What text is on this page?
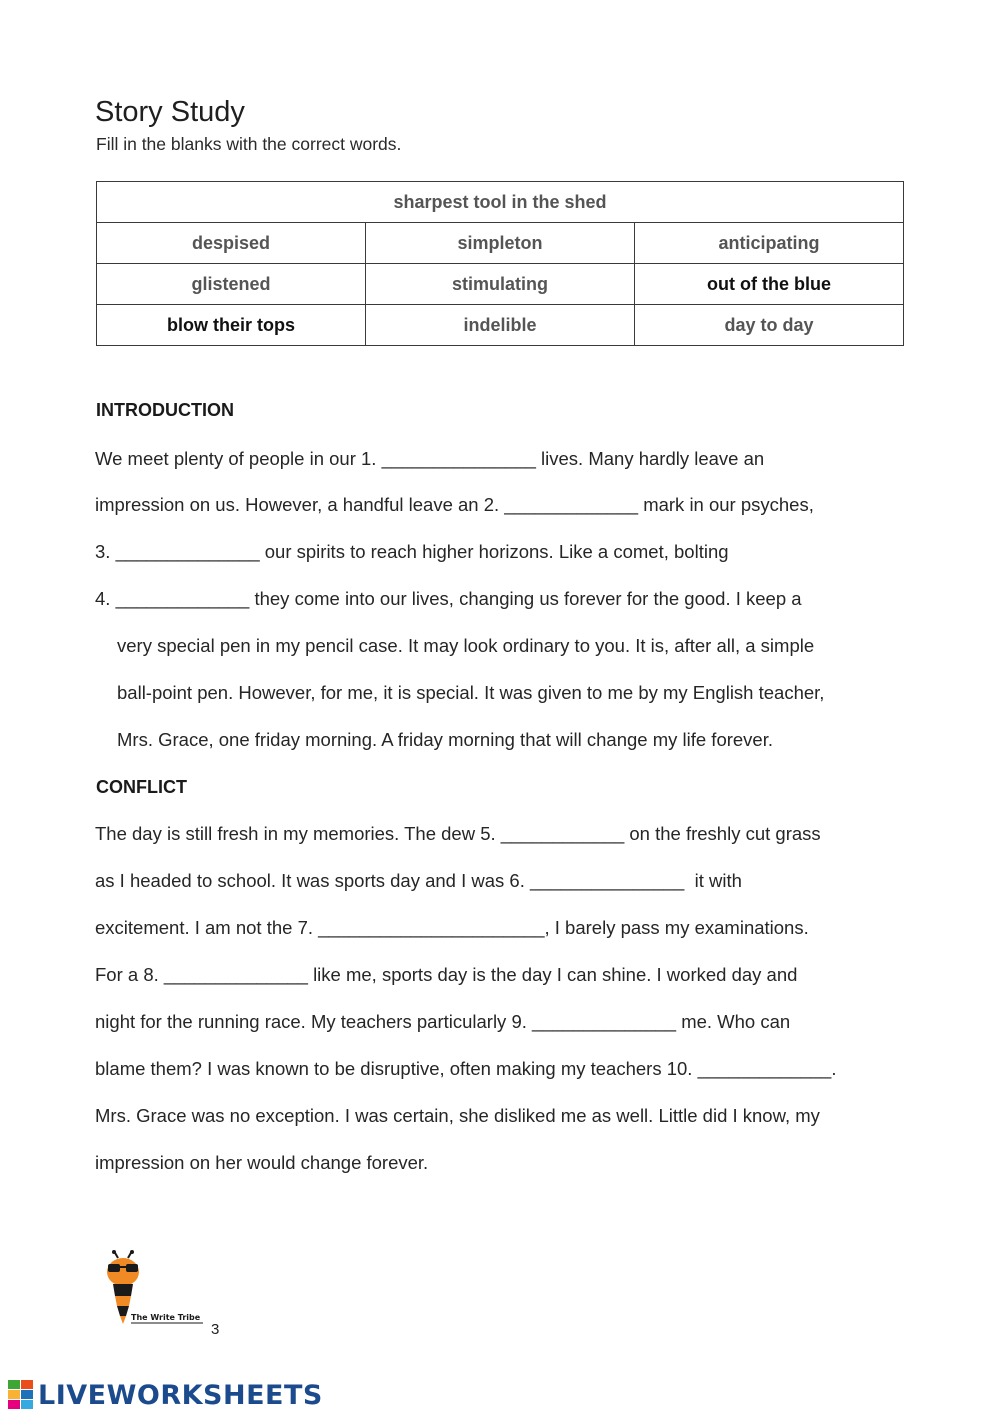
Story Study
Fill in the blanks with the correct words.
sharpest tool in the shed		
despised	simpleton	anticipating
glistened	stimulating	out of the blue
blow their tops	indelible	day to day
INTRODUCTION
We meet plenty of people in our 1. _______________ lives. Many hardly leave an
impression on us. However, a handful leave an 2. _____________ mark in our psyches,
3. ______________ our spirits to reach higher horizons. Like a comet, bolting
4. _____________ they come into our lives, changing us forever for the good. I keep a
very special pen in my pencil case. It may look ordinary to you. It is, after all, a simple
ball-point pen. However, for me, it is special. It was given to me by my English teacher,
Mrs. Grace, one friday morning. A friday morning that will change my life forever.
CONFLICT
The day is still fresh in my memories. The dew 5. ____________ on the freshly cut grass
as I headed to school. It was sports day and I was 6. _______________  it with
excitement. I am not the 7. ______________________, I barely pass my examinations.
For a 8. ______________ like me, sports day is the day I can shine. I worked day and
night for the running race. My teachers particularly 9. ______________ me. Who can
blame them? I was known to be disruptive, often making my teachers 10. _____________.
Mrs. Grace was no exception. I was certain, she disliked me as well. Little did I know, my
impression on her would change forever.
The Write Tribe
3
LIVEWORKSHEETS
